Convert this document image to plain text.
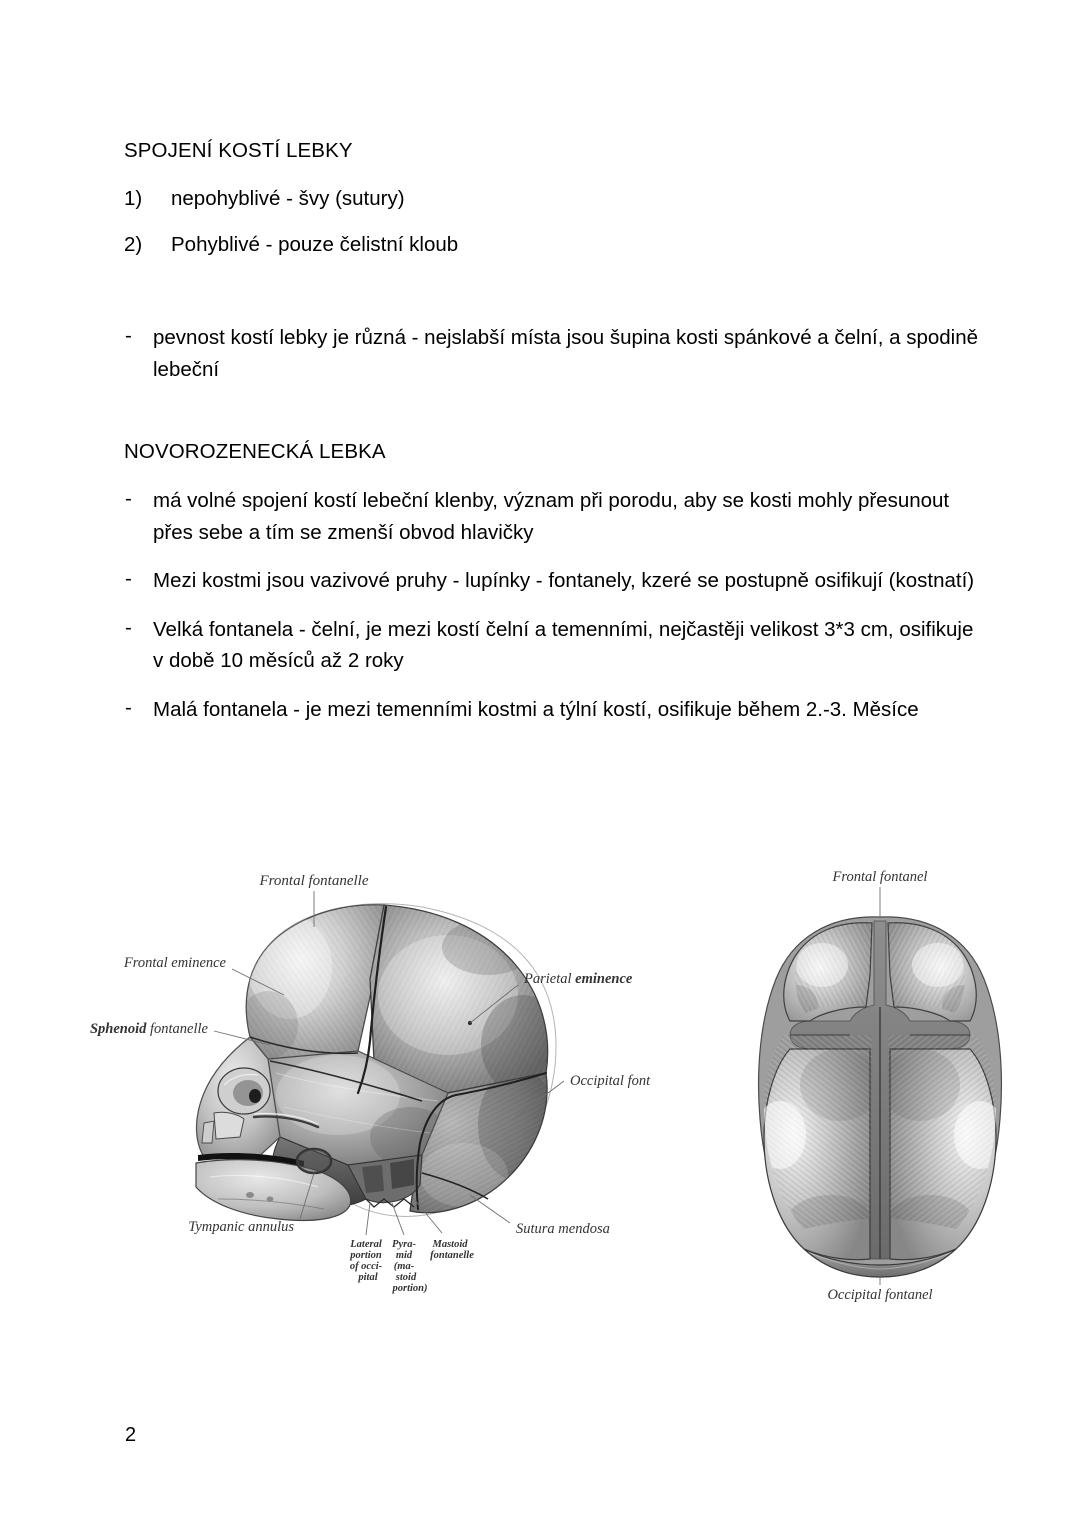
SPOJENÍ KOSTÍ LEBKY
1)	nepohyblivé - švy (sutury)
2)	Pohyblivé - pouze čelistní kloub
- pevnost kostí lebky je různá - nejslabší místa jsou šupina kosti spánkové a čelní, a spodině lebeční
NOVOROZENECKÁ LEBKA
- má volné spojení kostí lebeční klenby, význam při porodu, aby se kosti mohly přesunout přes sebe a tím se zmenší obvod hlavičky
- Mezi kostmi jsou vazivové pruhy - lupínky - fontanely, kzeré se postupně osifikují (kostnatí)
- Velká fontanela - čelní, je mezi kostí čelní a temenními, nejčastěji velikost 3*3 cm, osifikuje v době 10 měsíců až 2 roky
- Malá fontanela - je mezi temenními kostmi a týlní kostí, osifikuje během 2.-3. Měsíce
Frontal fontanelle
Frontal eminence
Sphenoid fontanelle
Parietal eminence
Occipital font
Tympanic annulus	Sutura mendosa
Lateral
portion
of occi-
pital
Pyra-
mid
(ma-
stoid
portion)
Mastoid
fontanelle
Frontal fontanel
Occipital fontanel
2
